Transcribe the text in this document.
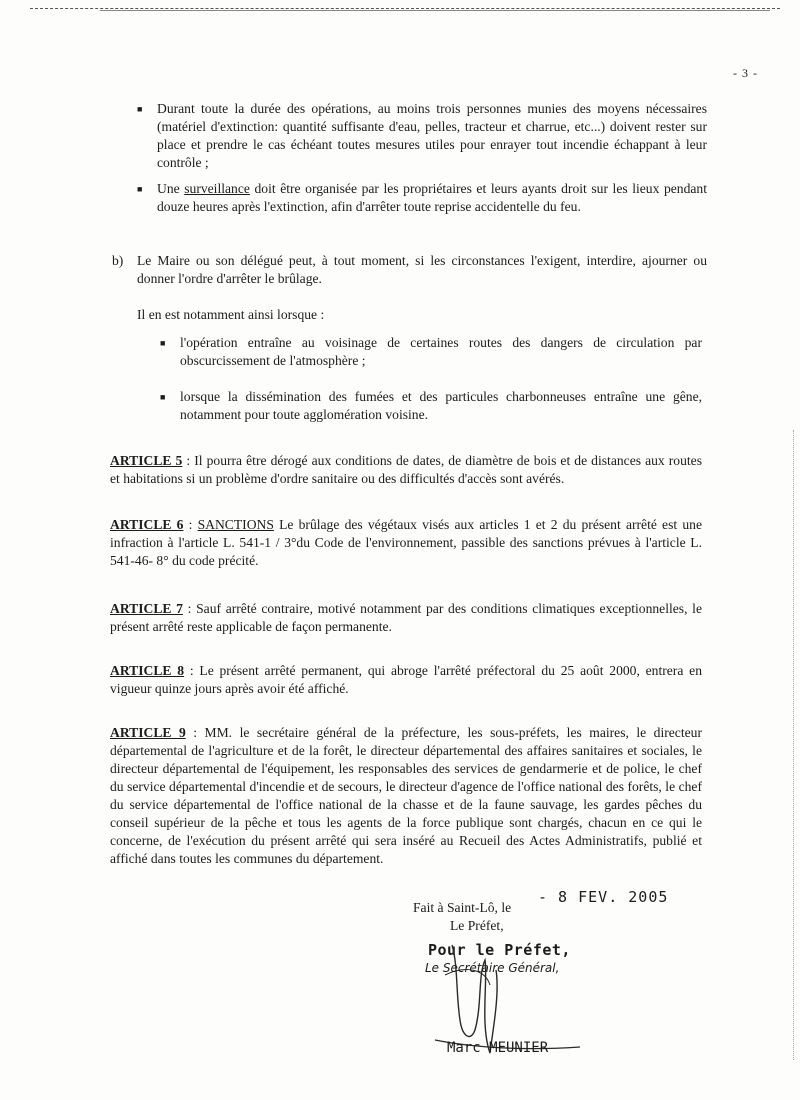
- 3 -
■ Durant toute la durée des opérations, au moins trois personnes munies des moyens nécessaires (matériel d'extinction: quantité suffisante d'eau, pelles, tracteur et charrue, etc...) doivent rester sur place et prendre le cas échéant toutes mesures utiles pour enrayer tout incendie échappant à leur contrôle ;
■ Une surveillance doit être organisée par les propriétaires et leurs ayants droit sur les lieux pendant douze heures après l'extinction, afin d'arrêter toute reprise accidentelle du feu.
b)	Le Maire ou son délégué peut, à tout moment, si les circonstances l'exigent, interdire, ajourner ou donner l'ordre d'arrêter le brûlage.
Il en est notamment ainsi lorsque :
■ l'opération entraîne au voisinage de certaines routes des dangers de circulation par obscurcissement de l'atmosphère ;
■ lorsque la dissémination des fumées et des particules charbonneuses entraîne une gêne, notamment pour toute agglomération voisine.
ARTICLE 5 : Il pourra être dérogé aux conditions de dates, de diamètre de bois et de distances aux routes et habitations si un problème d'ordre sanitaire ou des difficultés d'accès sont avérés.
ARTICLE 6 : SANCTIONS Le brûlage des végétaux visés aux articles 1 et 2 du présent arrêté est une infraction à l'article L. 541-1 / 3°du Code de l'environnement, passible des sanctions prévues à l'article L. 541-46- 8° du code précité.
ARTICLE 7 : Sauf arrêté contraire, motivé notamment par des conditions climatiques exceptionnelles, le présent arrêté reste applicable de façon permanente.
ARTICLE 8 : Le présent arrêté permanent, qui abroge l'arrêté préfectoral du 25 août 2000, entrera en vigueur quinze jours après avoir été affiché.
ARTICLE 9 : MM. le secrétaire général de la préfecture, les sous-préfets, les maires, le directeur départemental de l'agriculture et de la forêt, le directeur départemental des affaires sanitaires et sociales, le directeur départemental de l'équipement, les responsables des services de gendarmerie et de police, le chef du service départemental d'incendie et de secours, le directeur d'agence de l'office national des forêts, le chef du service départemental de l'office national de la chasse et de la faune sauvage, les gardes pêches du conseil supérieur de la pêche et tous les agents de la force publique sont chargés, chacun en ce qui le concerne, de l'exécution du présent arrêté qui sera inséré au Recueil des Actes Administratifs, publié et affiché dans toutes les communes du département.
Fait à Saint-Lô, le
- 8 FEV. 2005
Le Préfet,
Pour le Préfet,
Le Secrétaire Général,
Marc MEUNIER
